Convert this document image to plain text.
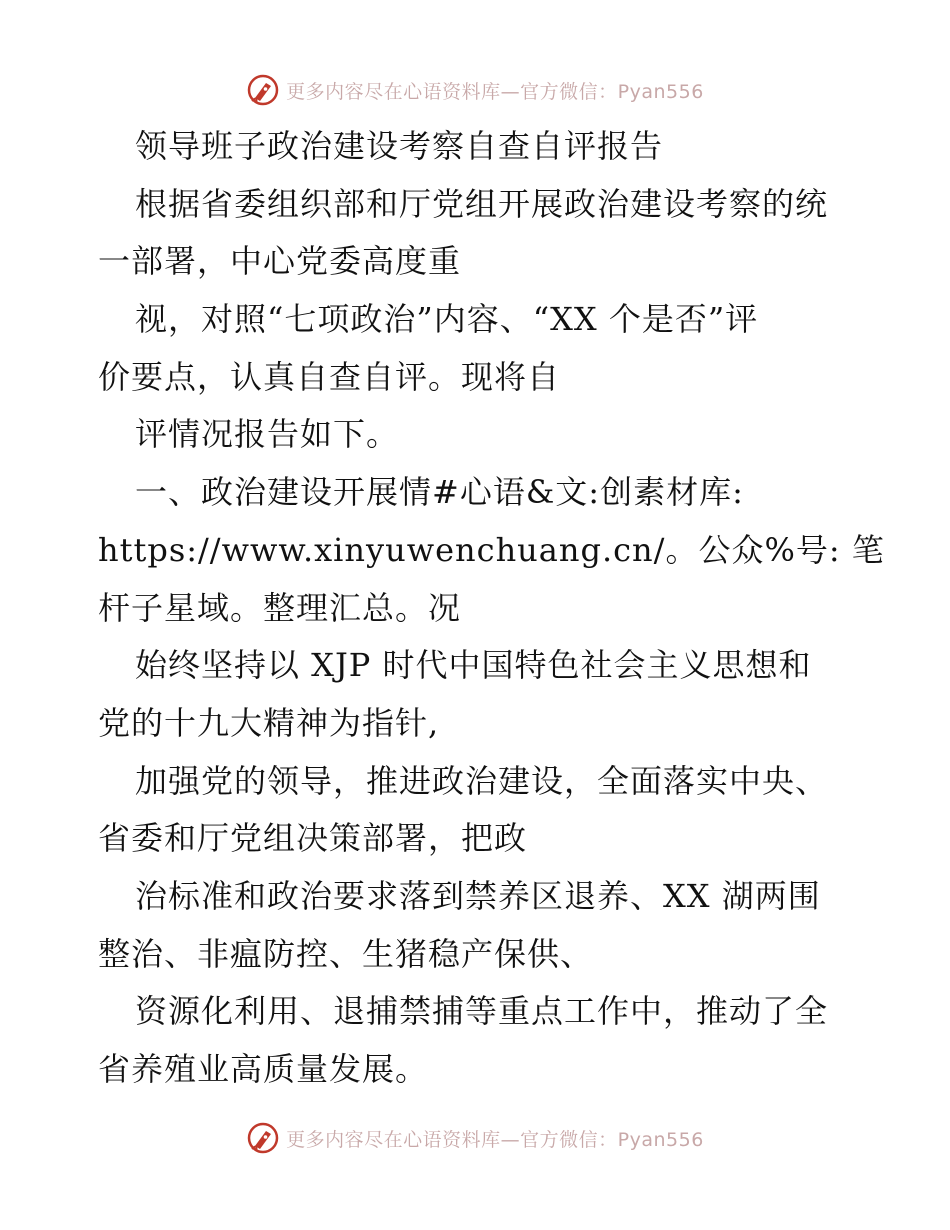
更多内容尽在心语资料库—官方微信：Pyan556
领导班子政治建设考察自查自评报告
根据省委组织部和厅党组开展政治建设考察的统
一部署，中心党委高度重
视，对照“七项政治”内容、“XX 个是否”评
价要点，认真自查自评。现将自
评情况报告如下。
一、政治建设开展情#心语&文:创素材库:
https://www.xinyuwenchuang.cn/。公众%号: 笔
杆子星域。整理汇总。况
始终坚持以 XJP 时代中国特色社会主义思想和
党的十九大精神为指针,
加强党的领导，推进政治建设，全面落实中央、
省委和厅党组决策部署，把政
治标准和政治要求落到禁养区退养、XX 湖两围
整治、非瘟防控、生猪稳产保供、
资源化利用、退捕禁捕等重点工作中，推动了全
省养殖业高质量发展。
更多内容尽在心语资料库—官方微信：Pyan556
